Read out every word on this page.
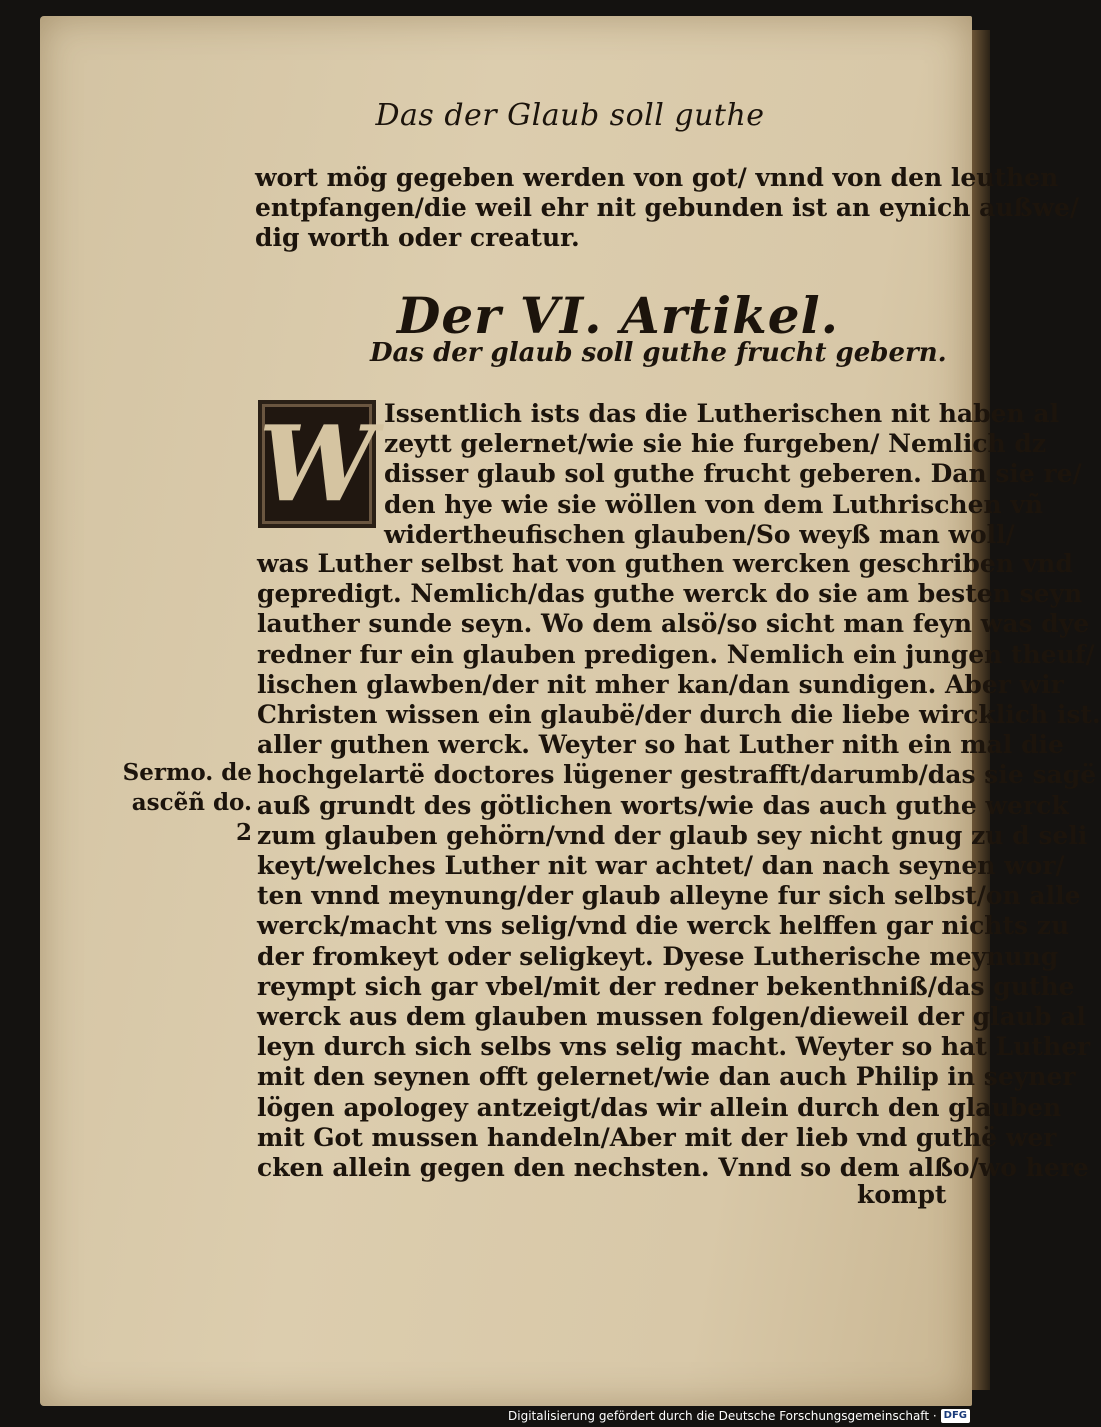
Das der Glaub soll guthe
wort mög gegeben werden von got/ vnnd von den leuthen
entpfangen/die weil ehr nit gebunden ist an eynich außwe/
dig worth oder creatur.
Der VI. Artikel.
Das der glaub soll guthe frucht gebern.
W Issentlich ists das die Lutherischen nit haben al
zeytt gelernet/wie sie hie furgeben/ Nemlich dz
disser glaub sol guthe frucht geberen. Dan sie re/
den hye wie sie wöllen von dem Luthrischen vñ
widertheufischen glauben/So weyß man woll/
was Luther selbst hat von guthen wercken geschriben vnd
gepredigt. Nemlich/das guthe werck do sie am besten seyn
lauther sunde seyn. Wo dem alsö/so sicht man feyn was dye
redner fur ein glauben predigen. Nemlich ein jungen theuf/
lischen glawben/der nit mher kan/dan sundigen. Aber wir
Christen wissen ein glaubë/der durch die liebe wircklich ist.
aller guthen werck. Weyter so hat Luther nith ein mal die
hochgelartë doctores lügener gestrafft/darumb/das sie sagë
auß grundt des götlichen worts/wie das auch guthe werck
zum glauben gehörn/vnd der glaub sey nicht gnug zu d seli
keyt/welches Luther nit war achtet/ dan nach seynen wor/
ten vnnd meynung/der glaub alleyne fur sich selbst/on alle
werck/macht vns selig/vnd die werck helffen gar nichts zu
der fromkeyt oder seligkeyt. Dyese Lutherische meynung
reympt sich gar vbel/mit der redner bekenthniß/das guthe
werck aus dem glauben mussen folgen/dieweil der glaub al
leyn durch sich selbs vns selig macht. Weyter so hat Luther
mit den seynen offt gelernet/wie dan auch Philip in seyner
lögen apologey antzeigt/das wir allein durch den glauben
mit Got mussen handeln/Aber mit der lieb vnd guthë wer
cken allein gegen den nechsten. Vnnd so dem alßo/wo here
Sermo. de
ascẽñ do. 2
kompt
Digitalisierung gefördert durch die Deutsche Forschungsgemeinschaft · DFG
